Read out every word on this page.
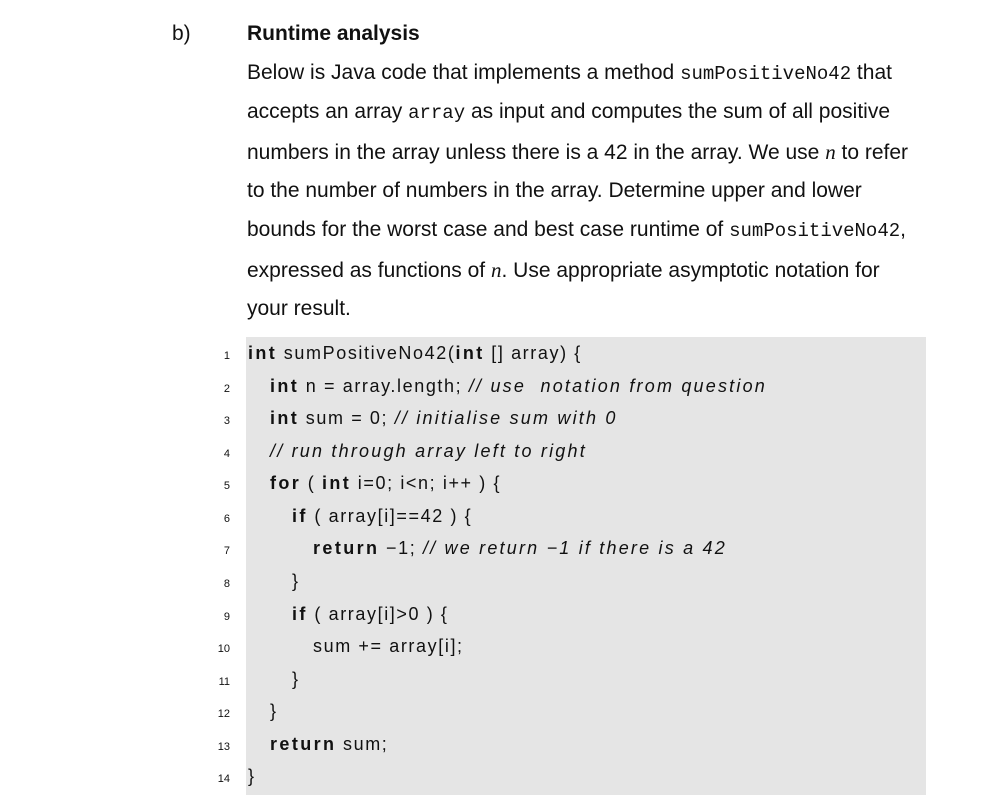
b)	Runtime analysis
Below is Java code that implements a method sumPositiveNo42 that
accepts an array array as input and computes the sum of all positive
numbers in the array unless there is a 42 in the array. We use n to refer
to the number of numbers in the array. Determine upper and lower
bounds for the worst case and best case runtime of sumPositiveNo42,
expressed as functions of n. Use appropriate asymptotic notation for
your result.
1
2
3
4
5
6
7
8
9
10
11
12
13
14
int sumPositiveNo42(int [] array) {
int n = array.length; // use  notation from question
int sum = 0; // initialise sum with 0
// run through array left to right
for ( int i=0; i<n; i++ ) {
if ( array[i]==42 ) {
return −1; // we return −1 if there is a 42
}
if ( array[i]>0 ) {
sum += array[i];
}
}
return sum;
}
